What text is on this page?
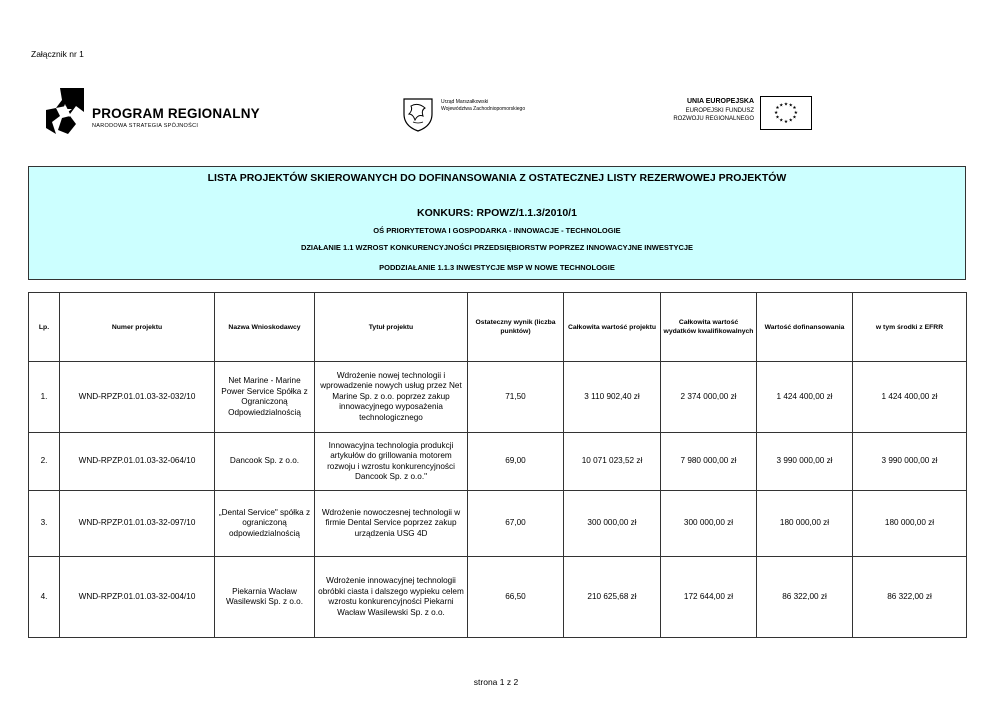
Załącznik nr 1
PROGRAM REGIONALNY
NARODOWA STRATEGIA SPÓJNOŚCI
Urząd Marszałkowski
Województwa Zachodniopomorskiego
UNIA EUROPEJSKA
EUROPEJSKI FUNDUSZ
ROZWOJU REGIONALNEGO
★ ★
★
★
★
★
★
★
★
★
★
★
LISTA PROJEKTÓW SKIEROWANYCH DO DOFINANSOWANIA Z OSTATECZNEJ LISTY REZERWOWEJ PROJEKTÓW
KONKURS: RPOWZ/1.1.3/2010/1
OŚ PRIORYTETOWA I GOSPODARKA - INNOWACJE - TECHNOLOGIE
DZIAŁANIE 1.1 WZROST KONKURENCYJNOŚCI PRZEDSIĘBIORSTW POPRZEZ INNOWACYJNE INWESTYCJE
PODDZIAŁANIE 1.1.3 INWESTYCJE MSP W NOWE TECHNOLOGIE
Lp.	Numer projektu	Nazwa Wnioskodawcy	Tytuł projektu	Ostateczny wynik (liczba punktów)	Całkowita wartość projektu	Całkowita wartość wydatków kwalifikowalnych	Wartość dofinansowania	w tym środki z EFRR
1.	WND-RPZP.01.01.03-32-032/10	Net Marine - Marine Power Service Spółka z Ograniczoną Odpowiedzialnością	Wdrożenie nowej technologii i wprowadzenie nowych usług przez Net Marine Sp. z o.o. poprzez zakup innowacyjnego wyposażenia technologicznego	71,50	3 110 902,40 zł	2 374 000,00 zł	1 424 400,00 zł	1 424 400,00 zł
2.	WND-RPZP.01.01.03-32-064/10	Dancook Sp. z o.o.	Innowacyjna technologia produkcji artykułów do grillowania motorem rozwoju i wzrostu konkurencyjności Dancook Sp. z o.o."	69,00	10 071 023,52 zł	7 980 000,00 zł	3 990 000,00 zł	3 990 000,00 zł
3.	WND-RPZP.01.01.03-32-097/10	„Dental Service" spółka z ograniczoną odpowiedzialnością	Wdrożenie nowoczesnej technologii w firmie Dental Service poprzez zakup urządzenia USG 4D	67,00	300 000,00 zł	300 000,00 zł	180 000,00 zł	180 000,00 zł
4.	WND-RPZP.01.01.03-32-004/10	Piekarnia Wacław Wasilewski Sp. z o.o.	Wdrożenie innowacyjnej technologii obróbki ciasta i dalszego wypieku celem wzrostu konkurencyjności Piekarni Wacław Wasilewski Sp. z o.o.	66,50	210 625,68 zł	172 644,00 zł	86 322,00 zł	86 322,00 zł
strona 1 z 2
